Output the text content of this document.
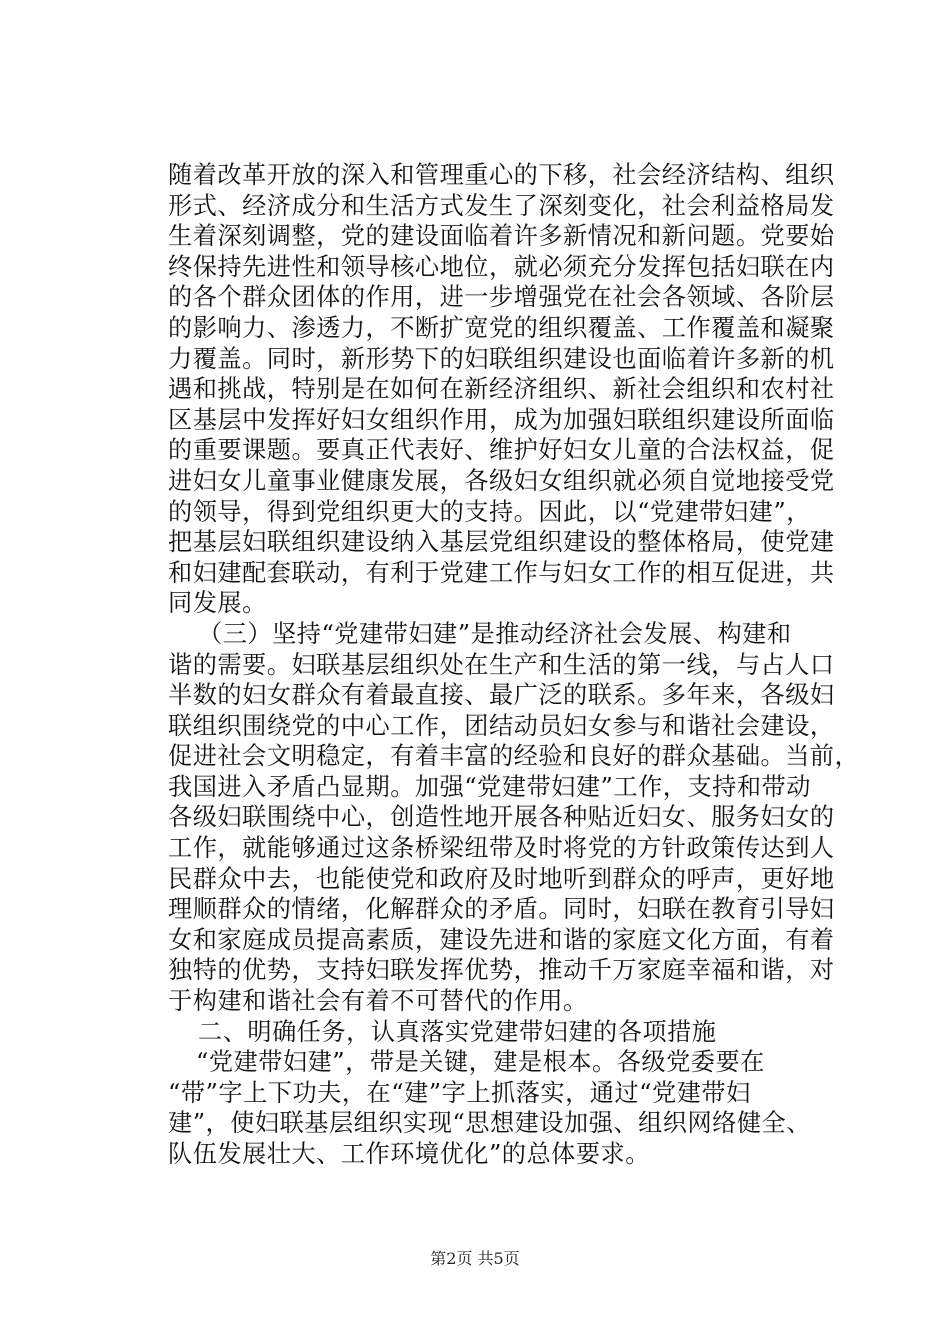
随着改革开放的深入和管理重心的下移，社会经济结构、组织
形式、经济成分和生活方式发生了深刻变化，社会利益格局发
生着深刻调整，党的建设面临着许多新情况和新问题。党要始
终保持先进性和领导核心地位，就必须充分发挥包括妇联在内
的各个群众团体的作用，进一步增强党在社会各领域、各阶层
的影响力、渗透力，不断扩宽党的组织覆盖、工作覆盖和凝聚
力覆盖。同时，新形势下的妇联组织建设也面临着许多新的机
遇和挑战，特别是在如何在新经济组织、新社会组织和农村社
区基层中发挥好妇女组织作用，成为加强妇联组织建设所面临
的重要课题。要真正代表好、维护好妇女儿童的合法权益，促
进妇女儿童事业健康发展，各级妇女组织就必须自觉地接受党
的领导，得到党组织更大的支持。因此，以“党建带妇建”，
把基层妇联组织建设纳入基层党组织建设的整体格局，使党建
和妇建配套联动，有利于党建工作与妇女工作的相互促进，共
同发展。
（三）坚持“党建带妇建”是推动经济社会发展、构建和
谐的需要。妇联基层组织处在生产和生活的第一线，与占人口
半数的妇女群众有着最直接、最广泛的联系。多年来，各级妇
联组织围绕党的中心工作，团结动员妇女参与和谐社会建设，
促进社会文明稳定，有着丰富的经验和良好的群众基础。当前，
我国进入矛盾凸显期。加强“党建带妇建”工作，支持和带动
各级妇联围绕中心，创造性地开展各种贴近妇女、服务妇女的
工作，就能够通过这条桥梁纽带及时将党的方针政策传达到人
民群众中去，也能使党和政府及时地听到群众的呼声，更好地
理顺群众的情绪，化解群众的矛盾。同时，妇联在教育引导妇
女和家庭成员提高素质，建设先进和谐的家庭文化方面，有着
独特的优势，支持妇联发挥优势，推动千万家庭幸福和谐，对
于构建和谐社会有着不可替代的作用。
二、明确任务，认真落实党建带妇建的各项措施
“党建带妇建”，带是关键，建是根本。各级党委要在
“带”字上下功夫，在“建”字上抓落实，通过“党建带妇
建”，使妇联基层组织实现“思想建设加强、组织网络健全、
队伍发展壮大、工作环境优化”的总体要求。
第2页 共5页
